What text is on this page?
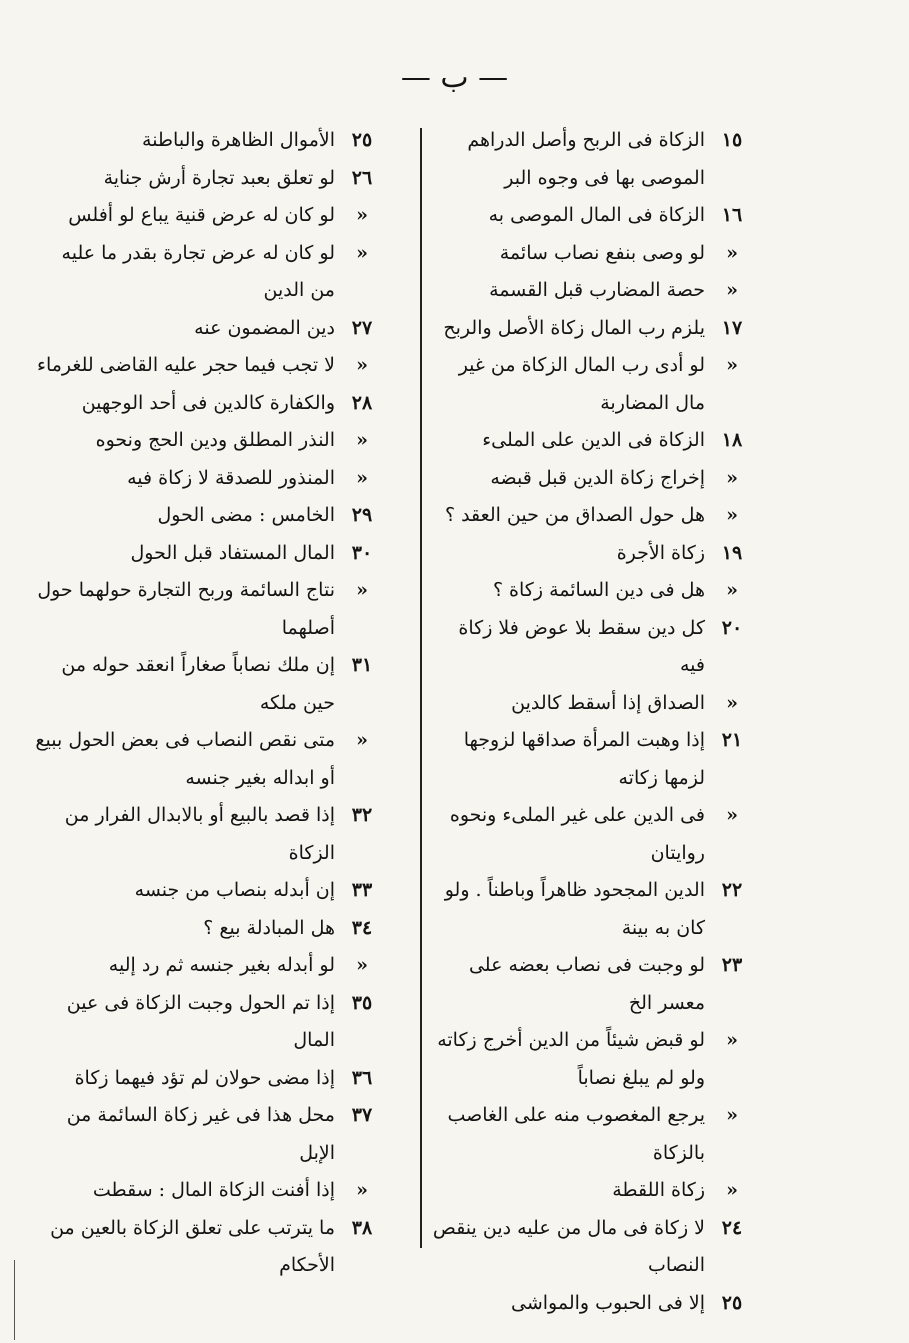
— ب —
١٥
الزكاة فى الربح وأصل الدراهم الموصى بها فى وجوه البر
١٦
الزكاة فى المال الموصى به
«
لو وصى بنفع نصاب سائمة
«
حصة المضارب قبل القسمة
١٧
يلزم رب المال زكاة الأصل والربح
«
لو أدى رب المال الزكاة من غير مال المضاربة
١٨
الزكاة فى الدين على الملىء
«
إخراج زكاة الدين قبل قبضه
«
هل حول الصداق من حين العقد ؟
١٩
زكاة الأجرة
«
هل فى دين السائمة زكاة ؟
٢٠
كل دين سقط بلا عوض فلا زكاة فيه
«
الصداق إذا أسقط كالدين
٢١
إذا وهبت المرأة صداقها لزوجها لزمها زكاته
«
فى الدين على غير الملىء ونحوه روايتان
٢٢
الدين المجحود ظاهراً وباطناً . ولو كان به بينة
٢٣
لو وجبت فى نصاب بعضه على معسر الخ
«
لو قبض شيئاً من الدين أخرج زكاته ولو لم يبلغ نصاباً
«
يرجع المغصوب منه على الغاصب بالزكاة
«
زكاة اللقطة
٢٤
لا زكاة فى مال من عليه دين ينقص النصاب
٢٥
إلا فى الحبوب والمواشى
٢٥
الأموال الظاهرة والباطنة
٢٦
لو تعلق بعبد تجارة أرش جناية
«
لو كان له عرض قنية يباع لو أفلس
«
لو كان له عرض تجارة بقدر ما عليه من الدين
٢٧
دين المضمون عنه
«
لا تجب فيما حجر عليه القاضى للغرماء
٢٨
والكفارة كالدين فى أحد الوجهين
«
النذر المطلق ودين الحج ونحوه
«
المنذور للصدقة لا زكاة فيه
٢٩
الخامس : مضى الحول
٣٠
المال المستفاد قبل الحول
«
نتاج السائمة وربح التجارة حولهما حول أصلهما
٣١
إن ملك نصاباً صغاراً انعقد حوله من حين ملكه
«
متى نقص النصاب فى بعض الحول ببيع أو ابداله بغير جنسه
٣٢
إذا قصد بالبيع أو بالابدال الفرار من الزكاة
٣٣
إن أبدله بنصاب من جنسه
٣٤
هل المبادلة بيع ؟
«
لو أبدله بغير جنسه ثم رد إليه
٣٥
إذا تم الحول وجبت الزكاة فى عين المال
٣٦
إذا مضى حولان لم تؤد فيهما زكاة
٣٧
محل هذا فى غير زكاة السائمة من الإبل
«
إذا أفنت الزكاة المال : سقطت
٣٨
ما يترتب على تعلق الزكاة بالعين من الأحكام
